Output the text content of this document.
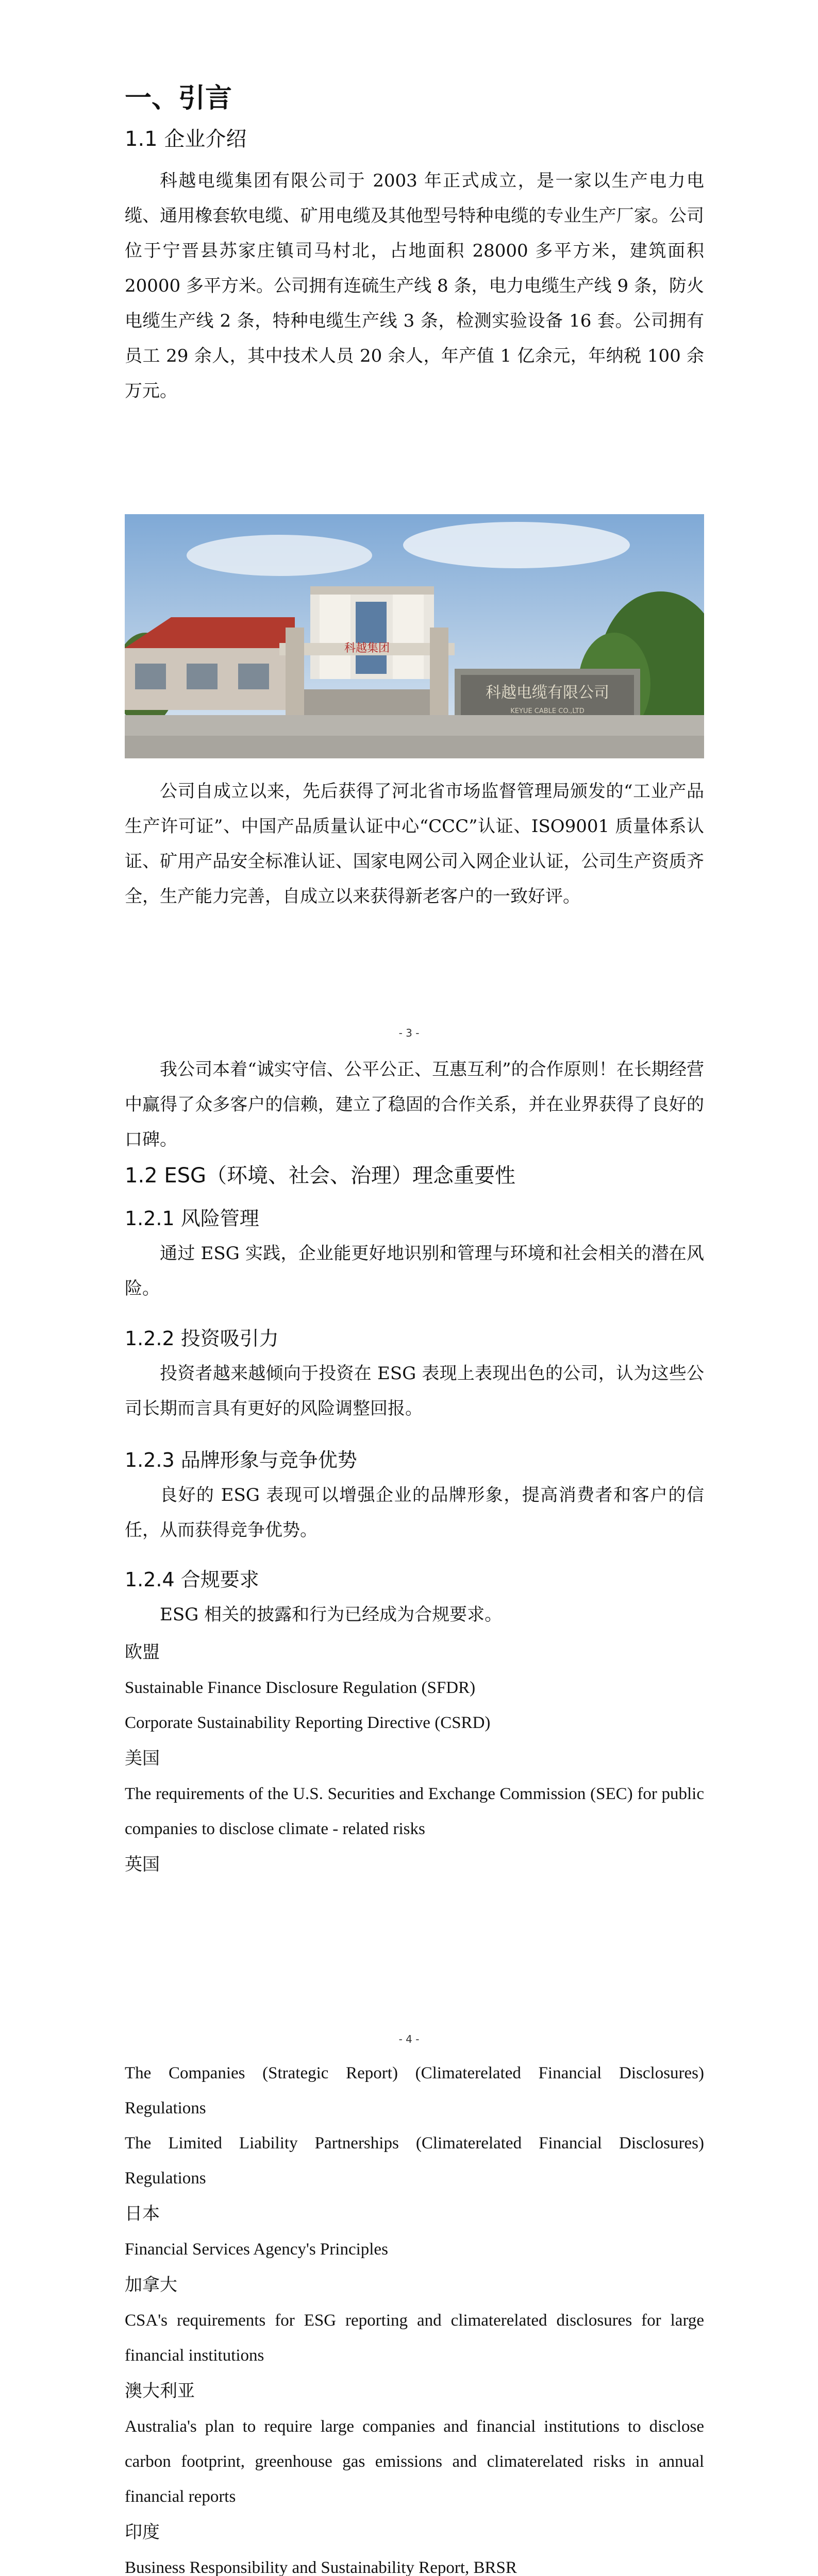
一、引言
1.1 企业介绍

科越电缆集团有限公司于 2003 年正式成立，是一家以生产电力电缆、通用橡套软电缆、矿用电缆及其他型号特种电缆的专业生产厂家。公司位于宁晋县苏家庄镇司马村北，占地面积 28000 多平方米，建筑面积 20000 多平方米。公司拥有连硫生产线 8 条，电力电缆生产线 9 条，防火电缆生产线 2 条，特种电缆生产线 3 条，检测实验设备 16 套。公司拥有员工 29 余人，其中技术人员 20 余人，年产值 1 亿余元，年纳税 100 余万元。

科越集团
科越电缆有限公司
KEYUE CABLE CO.,LTD

公司自成立以来，先后获得了河北省市场监督管理局颁发的“工业产品生产许可证”、中国产品质量认证中心“CCC”认证、ISO9001 质量体系认证、矿用产品安全标准认证、国家电网公司入网企业认证，公司生产资质齐全，生产能力完善，自成立以来获得新老客户的一致好评。

- 3 -

我公司本着“诚实守信、公平公正、互惠互利”的合作原则！在长期经营中赢得了众多客户的信赖，建立了稳固的合作关系，并在业界获得了良好的口碑。

1.2 ESG（环境、社会、治理）理念重要性
1.2.1 风险管理

通过 ESG 实践，企业能更好地识别和管理与环境和社会相关的潜在风险。

1.2.2 投资吸引力

投资者越来越倾向于投资在 ESG 表现上表现出色的公司，认为这些公司长期而言具有更好的风险调整回报。

1.2.3 品牌形象与竞争优势

良好的 ESG 表现可以增强企业的品牌形象，提高消费者和客户的信任，从而获得竞争优势。

1.2.4 合规要求

ESG 相关的披露和行为已经成为合规要求。

欧盟

Sustainable Finance Disclosure Regulation (SFDR)

Corporate Sustainability Reporting Directive (CSRD)

美国

The requirements of the U.S. Securities and Exchange Commission (SEC) for public companies to disclose climate - related risks

英国
- 4 -

The Companies (Strategic Report) (Climaterelated Financial Disclosures) Regulations

The Limited Liability Partnerships (Climaterelated Financial Disclosures) Regulations

日本

Financial Services Agency's Principles

加拿大

CSA's requirements for ESG reporting and climaterelated disclosures for large financial institutions

澳大利亚

Australia's plan to require large companies and financial institutions to disclose carbon footprint, greenhouse gas emissions and climaterelated risks in annual financial reports

印度

Business Responsibility and Sustainability Report, BRSR
